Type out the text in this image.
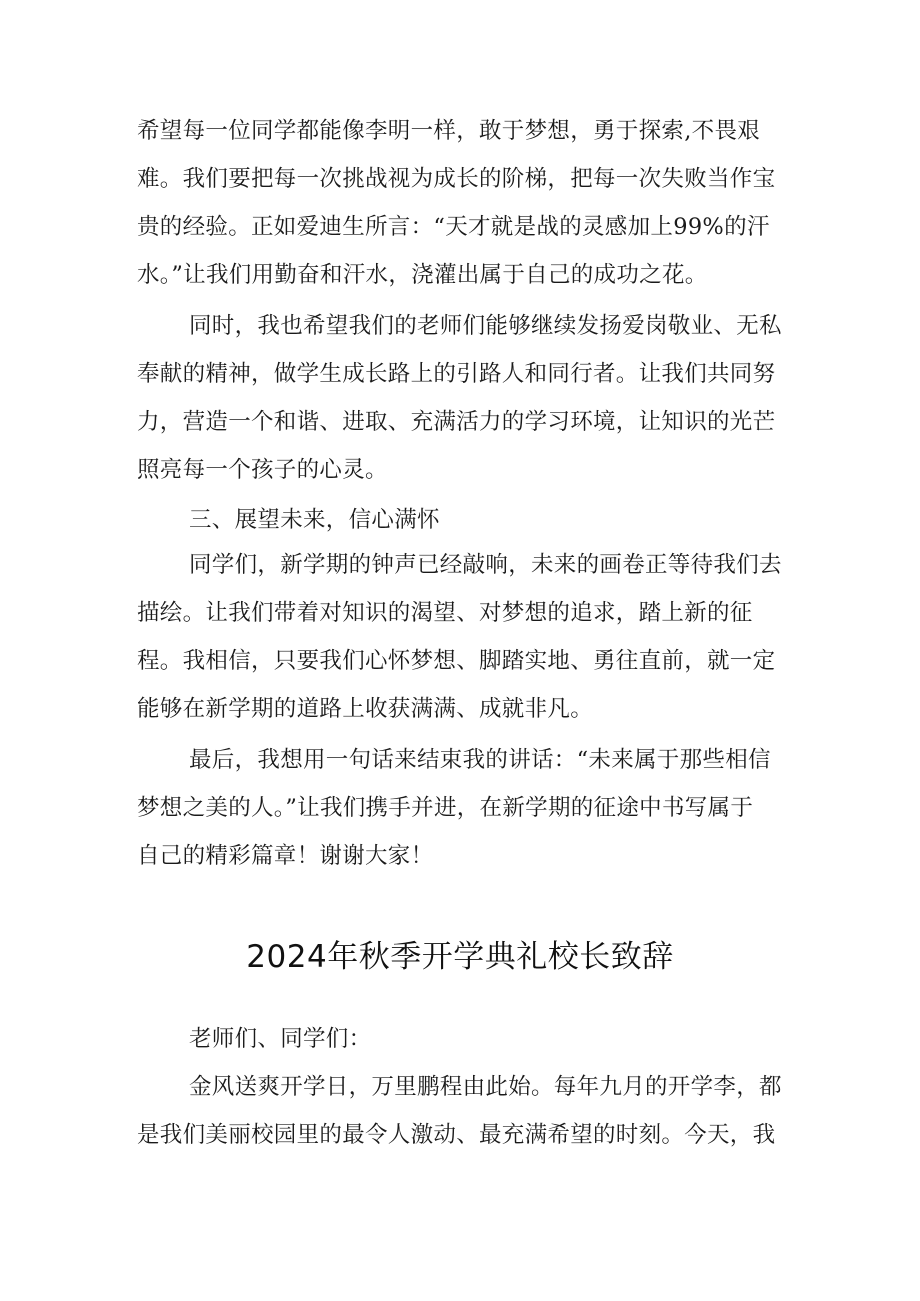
希望每一位同学都能像李明一样，敢于梦想，勇于探索,不畏艰
难。我们要把每一次挑战视为成长的阶梯，把每一次失败当作宝
贵的经验。正如爱迪生所言：“天才就是战的灵感加上99%的汗
水。”让我们用勤奋和汗水，浇灌出属于自己的成功之花。
同时，我也希望我们的老师们能够继续发扬爱岗敬业、无私
奉献的精神，做学生成长路上的引路人和同行者。让我们共同努
力，营造一个和谐、进取、充满活力的学习环境，让知识的光芒
照亮每一个孩子的心灵。
三、展望未来，信心满怀
同学们，新学期的钟声已经敲响，未来的画卷正等待我们去
描绘。让我们带着对知识的渴望、对梦想的追求，踏上新的征
程。我相信，只要我们心怀梦想、脚踏实地、勇往直前，就一定
能够在新学期的道路上收获满满、成就非凡。
最后，我想用一句话来结束我的讲话：“未来属于那些相信
梦想之美的人。”让我们携手并进，在新学期的征途中书写属于
自己的精彩篇章！谢谢大家！
2024年秋季开学典礼校长致辞
老师们、同学们：
金风送爽开学日，万里鹏程由此始。每年九月的开学李，都
是我们美丽校园里的最令人激动、最充满希望的时刻。今天，我
